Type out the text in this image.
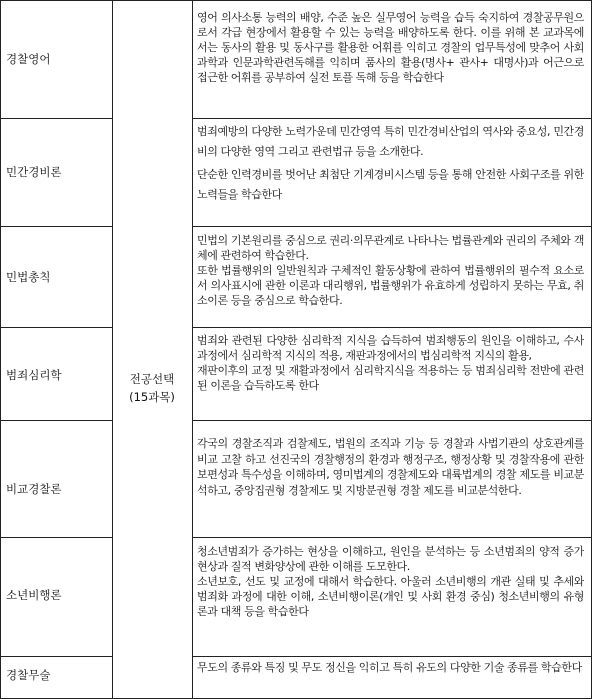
전공선택
(15과목)
경찰영어

영어 의사소통 능력의 배양, 수준 높은 실무영어 능력을 습득 숙지하여 경찰공무원으로서 각급 현장에서 활용할 수 있는 능력을 배양하도록 한다. 이를 위해 본 교과목에서는 동사의 활용 및 동사구를 활용한 어휘를 익히고 경찰의 업무특성에 맞추어 사회과학과 인문과학관련독해를 익히며 품사의 활용(명사+ 관사+ 대명사)과 어근으로 접근한 어휘를 공부하여 실전 토플 독해 등을 학습한다

민간경비론

범죄예방의 다양한 노력가운데 민간영역 특히 민간경비산업의 역사와 중요성, 민간경비의 다양한 영역 그리고 관련법규 등을 소개한다.

단순한 인력경비를 벗어난 최첨단 기계경비시스템 등을 통해 안전한 사회구조를 위한 노력들을 학습한다

민법총칙

민법의 기본원리를 중심으로 권리·의무관계로 나타나는 법률관계와 권리의 주체와 객체에 관련하여 학습한다.

또한 법률행위의 일반원칙과 구체적인 활동상황에 관하여 법률행위의 필수적 요소로서 의사표시에 관한 이론과 대리행위, 법률행위가 유효하게 성립하지 못하는 무효, 취소이론 등을 중심으로 학습한다.

범죄심리학

범죄와 관련된 다양한 심리학적 지식을 습득하여 범죄행동의 원인을 이해하고, 수사과정에서 심리학적 지식의 적용, 재판과정에서의 법심리학적 지식의 활용,

재판이후의 교정 및 재활과정에서 심리학지식을 적용하는 등 범죄심리학 전반에 관련된 이론을 습득하도록 한다

비교경찰론

각국의 경찰조직과 검찰제도, 법원의 조직과 기능 등 경찰과 사법기관의 상호관계를 비교 고찰 하고 선진국의 경찰행정의 환경과 행정구조, 행정상황 및 경찰작용에 관한 보편성과 특수성을 이해하며, 영미법계의 경찰제도와 대륙법계의 경찰 제도를 비교분석하고, 중앙집권형 경찰제도 및 지방분권형 경찰 제도를 비교분석한다.

소년비행론

청소년범죄가 증가하는 현상을 이해하고, 원인을 분석하는 등 소년범죄의 양적 증가현상과 질적 변화양상에 관한 이해를 도모한다.

소년보호, 선도 및 교정에 대해서 학습한다. 아울러 소년비행의 개관 실태 및 추세와 범죄화 과정에 대한 이해, 소년비행이론(개인 및 사회 환경 중심) 청소년비행의 유형론과 대책 등을 학습한다

경찰무술

무도의 종류와 특징 및 무도 정신을 익히고 특히 유도의 다양한 기술 종류를 학습한다
